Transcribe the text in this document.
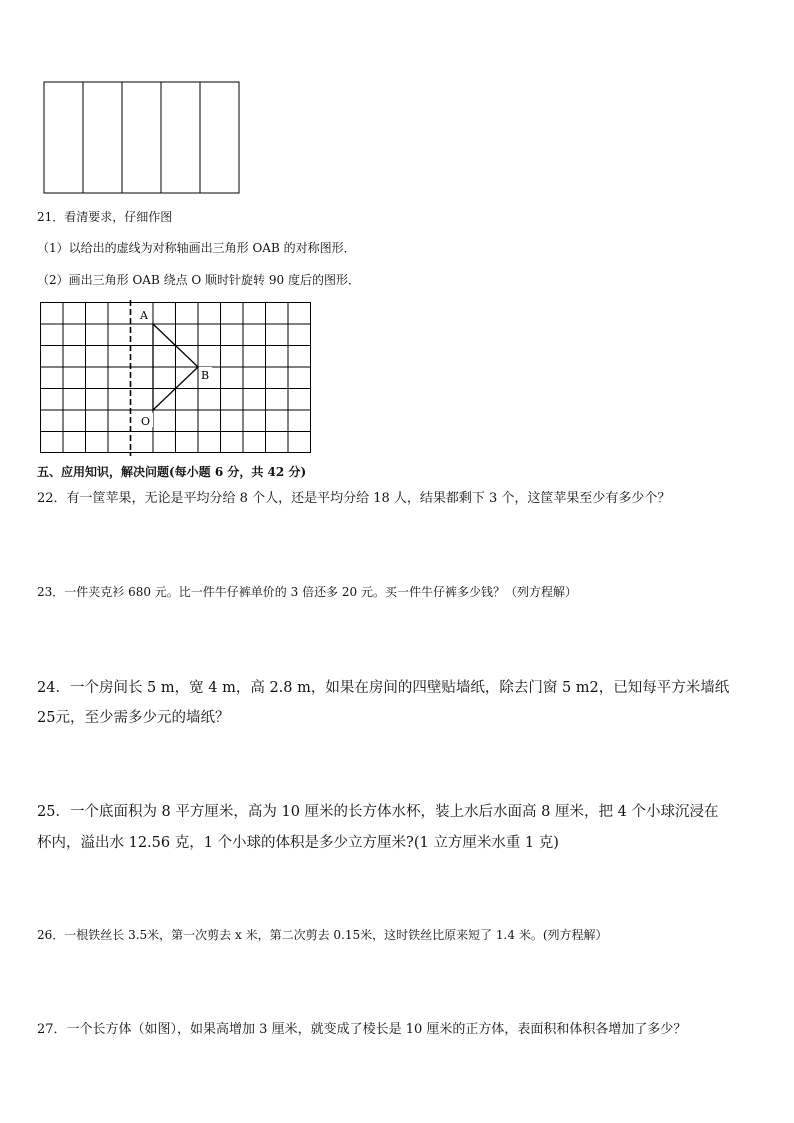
21．看清要求，仔细作图
（1）以给出的虚线为对称轴画出三角形 OAB 的对称图形．
（2）画出三角形 OAB 绕点 O 顺时针旋转 90 度后的图形．
A
B
O
五、应用知识，解决问题(每小题 6 分，共 42 分)
22．有一筐苹果，无论是平均分给 8 个人，还是平均分给 18 人，结果都剩下 3 个，这筐苹果至少有多少个？
23．一件夹克衫 680 元。比一件牛仔裤单价的 3 倍还多 20 元。买一件牛仔裤多少钱？（列方程解）
24．一个房间长 5 m，宽 4 m，高 2.8 m，如果在房间的四壁贴墙纸，除去门窗 5 m2，已知每平方米墙纸
25元，至少需多少元的墙纸？
25．一个底面积为 8 平方厘米，高为 10 厘米的长方体水杯，装上水后水面高 8 厘米，把 4 个小球沉浸在
杯内，溢出水 12.56 克，1 个小球的体积是多少立方厘米?(1 立方厘米水重 1 克)
26．一根铁丝长 3.5米，第一次剪去 x 米，第二次剪去 0.15米，这时铁丝比原来短了 1.4 米。(列方程解）
27．一个长方体（如图），如果高增加 3 厘米，就变成了棱长是 10 厘米的正方体，表面积和体积各增加了多少？
